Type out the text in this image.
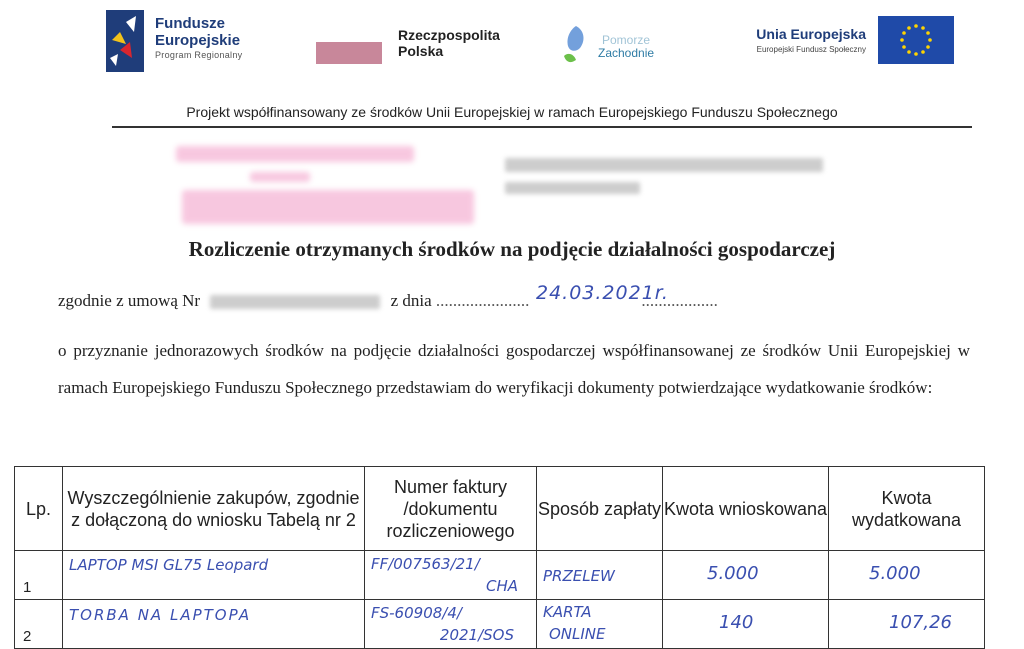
Fundusze
Europejskie
Program Regionalny
Rzeczpospolita
Polska
Pomorze
Zachodnie
Unia Europejska
Europejski Fundusz Społeczny
Projekt współfinansowany ze środków Unii Europejskiej w ramach Europejskiego Funduszu Społecznego
Rozliczenie otrzymanych środków na podjęcie działalności gospodarczej
zgodnie z umową Nr	z dnia ......................	..................
24.03.2021r.
o przyznanie jednorazowych środków na podjęcie działalności gospodarczej współfinansowanej ze środków Unii Europejskiej w ramach Europejskiego Funduszu Społecznego przedstawiam do weryfikacji dokumenty potwierdzające wydatkowanie środków:
Lp.	Wyszczególnienie zakupów, zgodnie z dołączoną do wniosku Tabelą nr 2	Numer faktury /dokumentu rozliczeniowego	Sposób zapłaty	Kwota wnioskowana	Kwota wydatkowana

1	LAPTOP MSI GL75 Leopard	FF/007563/21/
CHA	PRZELEW	5.000	5.000

2	TORBA NA LAPTOPA	FS-60908/4/
2021/SOS	KARTA
ONLINE	140	107,26
